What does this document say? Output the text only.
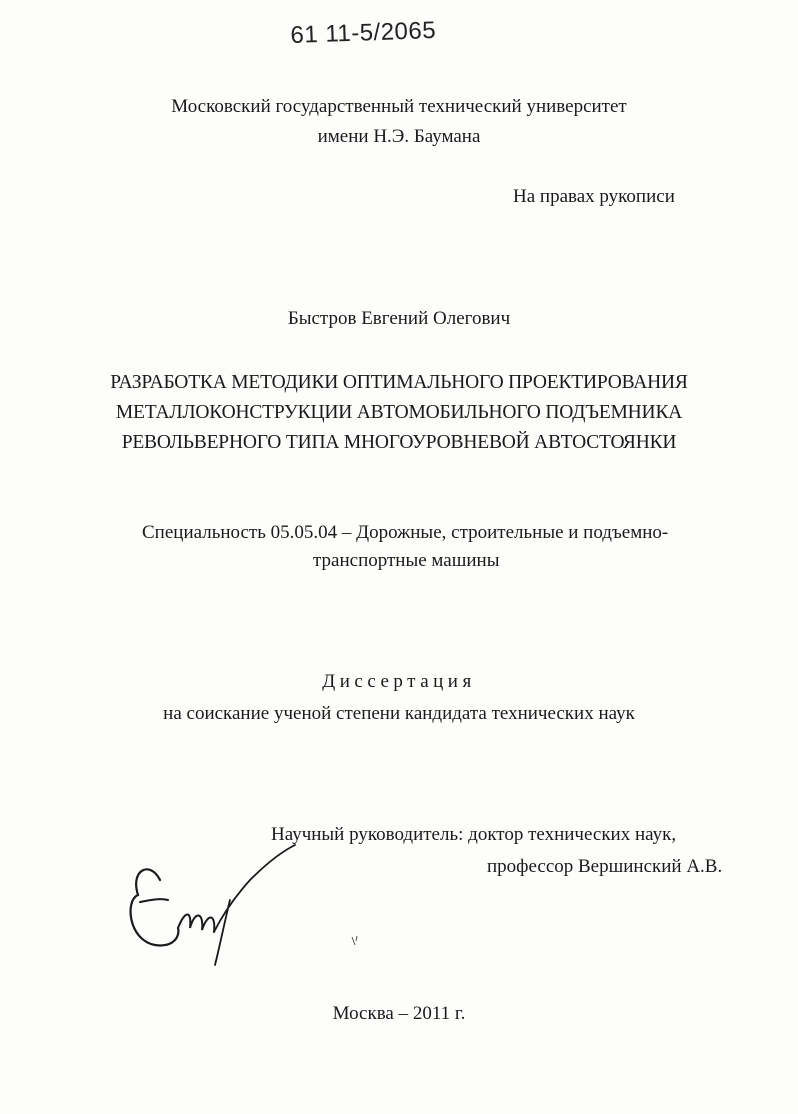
61 11-5/2065
Московский государственный технический университет
имени Н.Э. Баумана
На правах рукописи
Быстров Евгений Олегович
РАЗРАБОТКА МЕТОДИКИ ОПТИМАЛЬНОГО ПРОЕКТИРОВАНИЯ
МЕТАЛЛОКОНСТРУКЦИИ АВТОМОБИЛЬНОГО ПОДЪЕМНИКА
РЕВОЛЬВЕРНОГО ТИПА МНОГОУРОВНЕВОЙ АВТОСТОЯНКИ
Специальность 05.05.04 – Дорожные, строительные и подъемно-
транспортные машины
Диссертация
на соискание ученой степени кандидата технических наук
Научный руководитель: доктор технических наук,
профессор Вершинский А.В.
Москва – 2011 г.
